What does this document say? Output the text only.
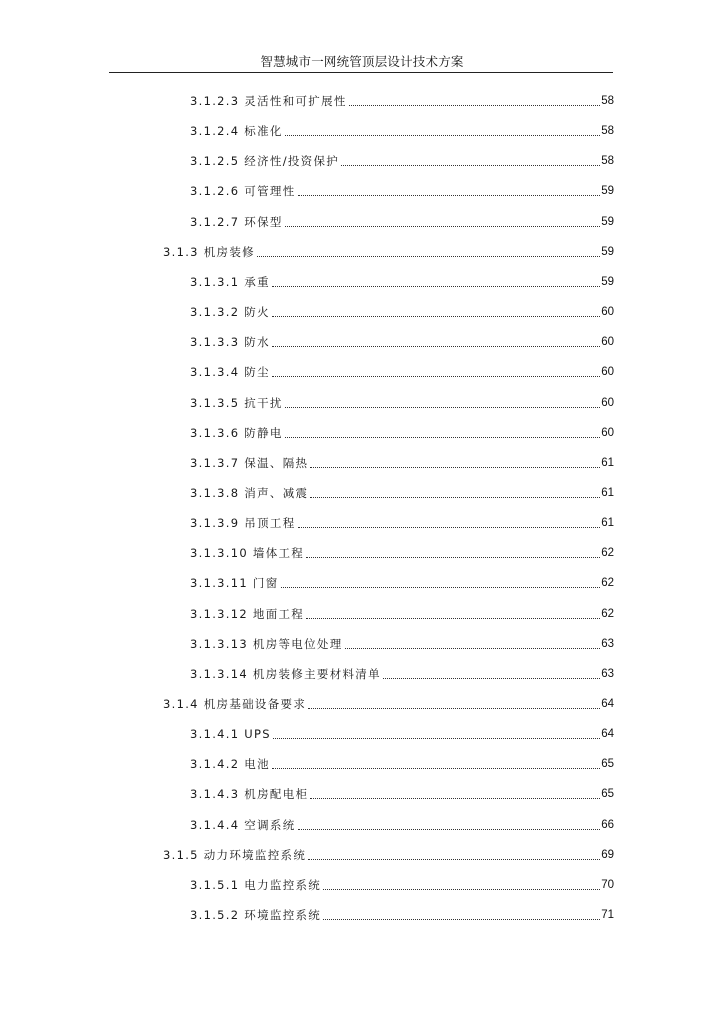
智慧城市一网统管顶层设计技术方案
3.1.2.3 灵活性和可扩展性	58
3.1.2.4 标准化	58
3.1.2.5 经济性/投资保护	58
3.1.2.6 可管理性	59
3.1.2.7 环保型	59
3.1.3 机房装修	59
3.1.3.1 承重	59
3.1.3.2 防火	60
3.1.3.3 防水	60
3.1.3.4 防尘	60
3.1.3.5 抗干扰	60
3.1.3.6 防静电	60
3.1.3.7 保温、隔热	61
3.1.3.8 消声、减震	61
3.1.3.9 吊顶工程	61
3.1.3.10 墙体工程	62
3.1.3.11 门窗	62
3.1.3.12 地面工程	62
3.1.3.13 机房等电位处理	63
3.1.3.14 机房装修主要材料清单	63
3.1.4 机房基础设备要求	64
3.1.4.1 UPS	64
3.1.4.2 电池	65
3.1.4.3 机房配电柜	65
3.1.4.4 空调系统	66
3.1.5 动力环境监控系统	69
3.1.5.1 电力监控系统	70
3.1.5.2 环境监控系统	71
